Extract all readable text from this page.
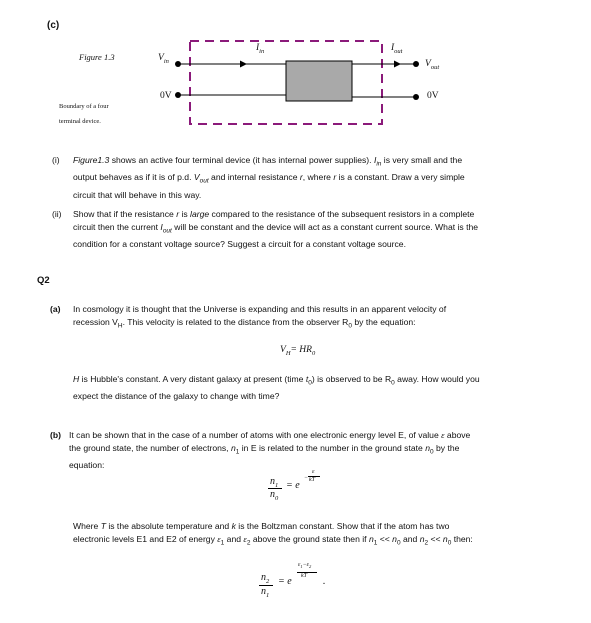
(c)
Figure 1.3	$V_{in}$
$I_{in}$	$I_{out}$
$V_{out}$
0V	0V
Boundary of a four
terminal device.
(i) Figure1.3 shows an active four terminal device (it has internal power supplies). $I_{in}$ is very small and the

output behaves as if it is of p.d. $V_{out}$ and internal resistance r, where r is a constant. Draw a very simple

circuit that will behave in this way.

(ii) Show that if the resistance r is large compared to the resistance of the subsequent resistors in a complete

circuit then the current $I_{out}$ will be constant and the device will act as a constant current source. What is the

condition for a constant voltage source? Suggest a circuit for a constant voltage source.

Q2
(a) In cosmology it is thought that the Universe is expanding and this results in an apparent velocity of

recession $V_H$. This velocity is related to the distance from the observer $R_0$ by the equation:

$V_H= HR_0$

H is Hubble's constant. A very distant galaxy at present (time $t_0$) is observed to be $R_0$ away. How would you

expect the distance of the galaxy to change with time?

(b) It can be shown that in the case of a number of atoms with one electronic energy level E, of value ε above

the ground state, the number of electrons, $n_1$ in E is related to the number in the ground state $n_0$ by the

equation:

$n_1$
$n_0$
= e
−
ε
kT

Where T is the absolute temperature and k is the Boltzman constant. Show that if the atom has two

electronic levels E1 and E2 of energy $\varepsilon_1$ and $\varepsilon_2$ above the ground state then if $n_1 << n_0$ and $n_2 << n_0$ then:

$n_2$
$n_1$
= e
$\varepsilon_1-\varepsilon_2$
kT .
